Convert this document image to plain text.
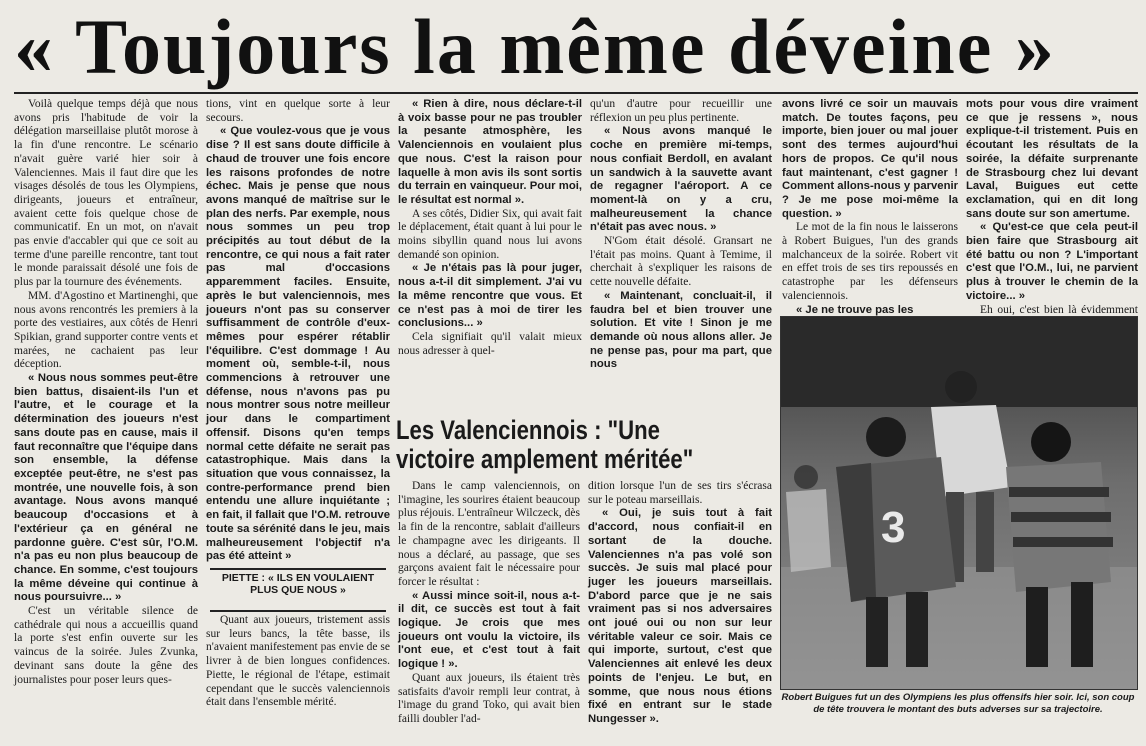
« Toujours la même déveine »

Voilà quelque temps déjà que nous avons pris l'habitude de voir la délégation marseillaise plutôt morose à la fin d'une rencontre. Le scénario n'avait guère varié hier soir à Valenciennes. Mais il faut dire que les visages désolés de tous les Olympiens, dirigeants, joueurs et entraîneur, avaient cette fois quelque chose de communicatif. En un mot, on n'avait pas envie d'accabler qui que ce soit au terme d'une pareille rencontre, tant tout le monde paraissait désolé une fois de plus par la tournure des événements.

MM. d'Agostino et Martinenghi, que nous avons rencontrés les premiers à la porte des vestiaires, aux côtés de Henri Spikian, grand supporter contre vents et marées, ne cachaient pas leur déception.

« Nous nous sommes peut-être bien battus, disaient-ils l'un et l'autre, et le courage et la détermination des joueurs n'est sans doute pas en cause, mais il faut reconnaître que l'équipe dans son ensemble, la défense exceptée peut-être, ne s'est pas montrée, une nouvelle fois, à son avantage. Nous avons manqué beaucoup d'occasions et à l'extérieur ça en général ne pardonne guère. C'est sûr, l'O.M. n'a pas eu non plus beaucoup de chance. En somme, c'est toujours la même déveine qui continue à nous poursuivre... »

C'est un véritable silence de cathédrale qui nous a accueillis quand la porte s'est enfin ouverte sur les vaincus de la soirée. Jules Zvunka, devinant sans doute la gêne des journalistes pour poser leurs ques-

tions, vint en quelque sorte à leur secours.

« Que voulez-vous que je vous dise ? Il est sans doute difficile à chaud de trouver une fois encore les raisons profondes de notre échec. Mais je pense que nous avons manqué de maîtrise sur le plan des nerfs. Par exemple, nous nous sommes un peu trop précipités au tout début de la rencontre, ce qui nous a fait rater pas mal d'occasions apparemment faciles. Ensuite, après le but valenciennois, mes joueurs n'ont pas su conserver suffisamment de contrôle d'eux-mêmes pour espérer rétablir l'équilibre. C'est dommage ! Au moment où, semble-t-il, nous commencions à retrouver une défense, nous n'avons pas pu nous montrer sous notre meilleur jour dans le compartiment offensif. Disons qu'en temps normal cette défaite ne serait pas catastrophique. Mais dans la situation que vous connaissez, la contre-performance prend bien entendu une allure inquiétante ; en fait, il fallait que l'O.M. retrouve toute sa sérénité dans le jeu, mais malheureusement l'objectif n'a pas été atteint »

PIETTE : « ILS EN VOULAIENT PLUS QUE NOUS »

Quant aux joueurs, tristement assis sur leurs bancs, la tête basse, ils n'avaient manifestement pas envie de se livrer à de bien longues confidences. Piette, le régional de l'étape, estimait cependant que le succès valenciennois était dans l'ensemble mérité.

« Rien à dire, nous déclare-t-il à voix basse pour ne pas troubler la pesante atmosphère, les Valenciennois en voulaient plus que nous. C'est la raison pour laquelle à mon avis ils sont sortis du terrain en vainqueur. Pour moi, le résultat est normal ».

A ses côtés, Didier Six, qui avait fait le déplacement, était quant à lui pour le moins sibyllin quand nous lui avons demandé son opinion.

« Je n'étais pas là pour juger, nous a-t-il dit simplement. J'ai vu la même rencontre que vous. Et ce n'est pas à moi de tirer les conclusions... »

Cela signifiait qu'il valait mieux nous adresser à quel-

qu'un d'autre pour recueillir une réflexion un peu plus pertinente.

« Nous avons manqué le coche en première mi-temps, nous confiait Berdoll, en avalant un sandwich à la sauvette avant de regagner l'aéroport. A ce moment-là on y a cru, malheureusement la chance n'était pas avec nous. »

N'Gom était désolé. Gransart ne l'était pas moins. Quant à Temime, il cherchait à s'expliquer les raisons de cette nouvelle défaite.

« Maintenant, concluait-il, il faudra bel et bien trouver une solution. Et vite ! Sinon je me demande où nous allons aller. Je ne pense pas, pour ma part, que nous

Les Valenciennois : "Une
victoire amplement méritée"

Dans le camp valenciennois, on l'imagine, les sourires étaient beaucoup plus réjouis. L'entraîneur Wilczeck, dès la fin de la rencontre, sablait d'ailleurs le champagne avec les dirigeants. Il nous a déclaré, au passage, que ses garçons avaient fait le nécessaire pour forcer le résultat :

« Aussi mince soit-il, nous a-t-il dit, ce succès est tout à fait logique. Je crois que mes joueurs ont voulu la victoire, ils l'ont eue, et c'est tout à fait logique ! ».

Quant aux joueurs, ils étaient très satisfaits d'avoir rempli leur contrat, à l'image du grand Toko, qui avait bien failli doubler l'ad-

dition lorsque l'un de ses tirs s'écrasa sur le poteau marseillais.

« Oui, je suis tout à fait d'accord, nous confiait-il en sortant de la douche. Valenciennes n'a pas volé son succès. Je suis mal placé pour juger les joueurs marseillais. D'abord parce que je ne sais vraiment pas si nos adversaires ont joué oui ou non sur leur véritable valeur ce soir. Mais ce qui importe, surtout, c'est que Valenciennes ait enlevé les deux points de l'enjeu. Le but, en somme, que nous nous étions fixé en entrant sur le stade Nungesser ».

avons livré ce soir un mauvais match. De toutes façons, peu importe, bien jouer ou mal jouer sont des termes aujourd'hui hors de propos. Ce qu'il nous faut maintenant, c'est gagner ! Comment allons-nous y parvenir ? Je me pose moi-même la question. »

Le mot de la fin nous le laisserons à Robert Buigues, l'un des grands malchanceux de la soirée. Robert vit en effet trois de ses tirs repoussés en catastrophe par les défenseurs valenciennois.

« Je ne trouve pas les

mots pour vous dire vraiment ce que je ressens », nous explique-t-il tristement. Puis en écoutant les résultats de la soirée, la défaite surprenante de Strasbourg chez lui devant Laval, Buigues eut cette exclamation, qui en dit long sans doute sur son amertume.

« Qu'est-ce que cela peut-il bien faire que Strasbourg ait été battu ou non ? L'important c'est que l'O.M., lui, ne parvient plus à trouver le chemin de la victoire... »

Eh oui, c'est bien là évidemment

3
Robert Buigues fut un des Olympiens les plus offensifs hier soir. Ici, son coup de tête trouvera le montant des buts adverses sur sa trajectoire.
